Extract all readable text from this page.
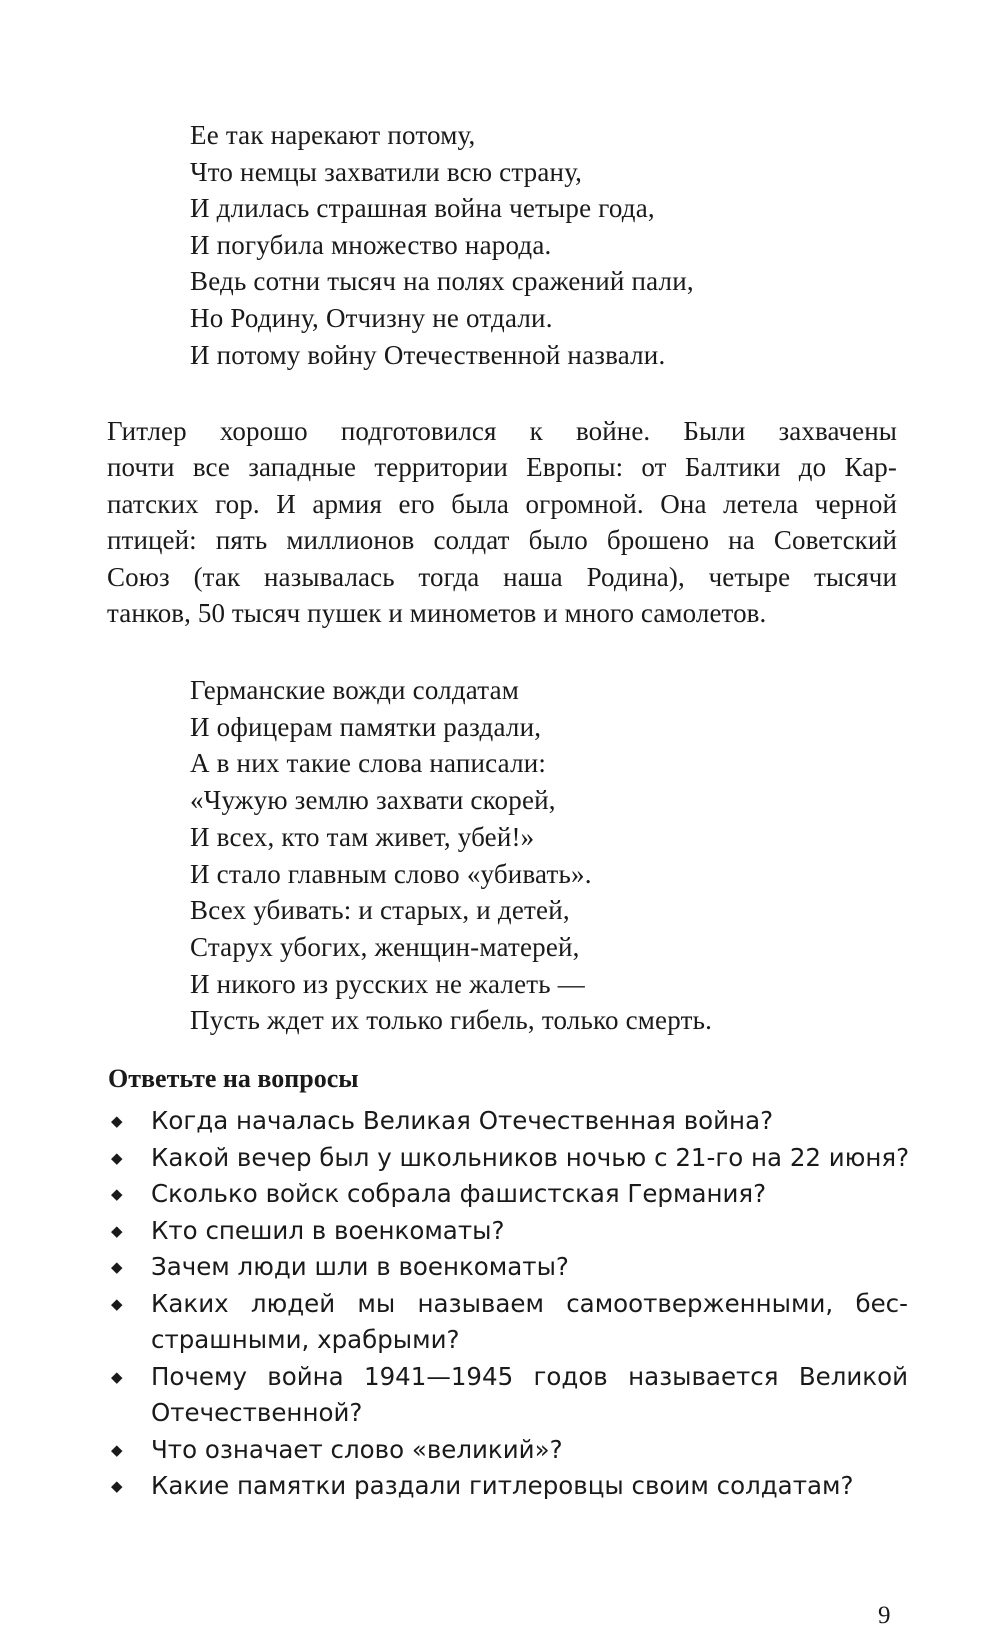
Ее так нарекают потому,
Что немцы захватили всю страну,
И длилась страшная война четыре года,
И погубила множество народа.
Ведь сотни тысяч на полях сражений пали,
Но Родину, Отчизну не отдали.
И потому войну Отечественной назвали.
Гитлер хорошо подготовился к войне. Были захвачены
почти все западные территории Европы: от Балтики до Кар-
патских гор. И армия его была огромной. Она летела черной
птицей: пять миллионов солдат было брошено на Советский
Союз (так называлась тогда наша Родина), четыре тысячи
танков, 50 тысяч пушек и минометов и много самолетов.
Германские вожди солдатам
И офицерам памятки раздали,
А в них такие слова написали:
«Чужую землю захвати скорей,
И всех, кто там живет, убей!»
И стало главным слово «убивать».
Всех убивать: и старых, и детей,
Старух убогих, женщин-матерей,
И никого из русских не жалеть —
Пусть ждет их только гибель, только смерть.
Ответьте на вопросы
◆ Когда началась Великая Отечественная война?
◆ Какой вечер был у школьников ночью с 21-го на 22 июня?
◆ Сколько войск собрала фашистская Германия?
◆ Кто спешил в военкоматы?
◆ Зачем люди шли в военкоматы?
◆ Каких людей мы называем самоотверженными, бес-
страшными, храбрыми?
◆ Почему война 1941—1945 годов называется Великой
Отечественной?
◆ Что означает слово «великий»?
◆ Какие памятки раздали гитлеровцы своим солдатам?
9
